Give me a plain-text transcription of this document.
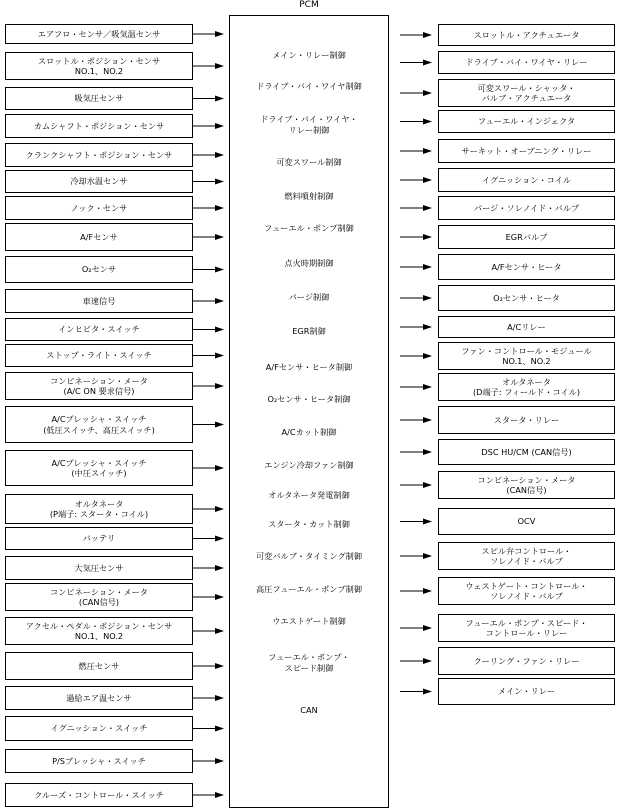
PCM
エアフロ・センサ／吸気温センサ
スロットル・ポジション・センサ
NO.1、NO.2
吸気圧センサ
カムシャフト・ポジション・センサ
クランクシャフト・ポジション・センサ
冷却水温センサ
ノック・センサ
A/Fセンサ
O₂センサ
車速信号
インヒビタ・スイッチ
ストップ・ライト・スイッチ
コンビネーション・メータ
(A/C ON 要求信号)
A/Cプレッシャ・スイッチ
(低圧スイッチ、高圧スイッチ)
A/Cプレッシャ・スイッチ
(中圧スイッチ)
オルタネータ
(P端子: スタータ・コイル)
バッテリ
大気圧センサ
コンビネーション・メータ
(CAN信号)
アクセル・ペダル・ポジション・センサ
NO.1、NO.2
燃圧センサ
過給エア温センサ
イグニッション・スイッチ
P/Sプレッシャ・スイッチ
クルーズ・コントロール・スイッチ
メイン・リレー制御
ドライブ・バイ・ワイヤ制御
ドライブ・バイ・ワイヤ・
リレー制御
可変スワール制御
燃料噴射制御
フューエル・ポンプ制御
点火時期制御
パージ制御
EGR制御
A/Fセンサ・ヒータ制御
O₂センサ・ヒータ制御
A/Cカット制御
エンジン冷却ファン制御
オルタネータ発電制御
スタータ・カット制御
可変バルブ・タイミング制御
高圧フューエル・ポンプ制御
ウエストゲート制御
フューエル・ポンプ・
スピード制御
CAN
スロットル・アクチュエータ
ドライブ・バイ・ワイヤ・リレー
可変スワール・シャッタ・
バルブ・アクチュエータ
フューエル・インジェクタ
サーキット・オープニング・リレー
イグニッション・コイル
パージ・ソレノイド・バルブ
EGRバルブ
A/Fセンサ・ヒータ
O₂センサ・ヒータ
A/Cリレー
ファン・コントロール・モジュール
NO.1、NO.2
オルタネータ
(D端子: フィールド・コイル)
スタータ・リレー
DSC HU/CM (CAN信号)
コンビネーション・メータ
(CAN信号)
OCV
スピル弁コントロール・
ソレノイド・バルブ
ウェストゲート・コントロール・
ソレノイド・バルブ
フューエル・ポンプ・スピード・
コントロール・リレー
クーリング・ファン・リレー
メイン・リレー
